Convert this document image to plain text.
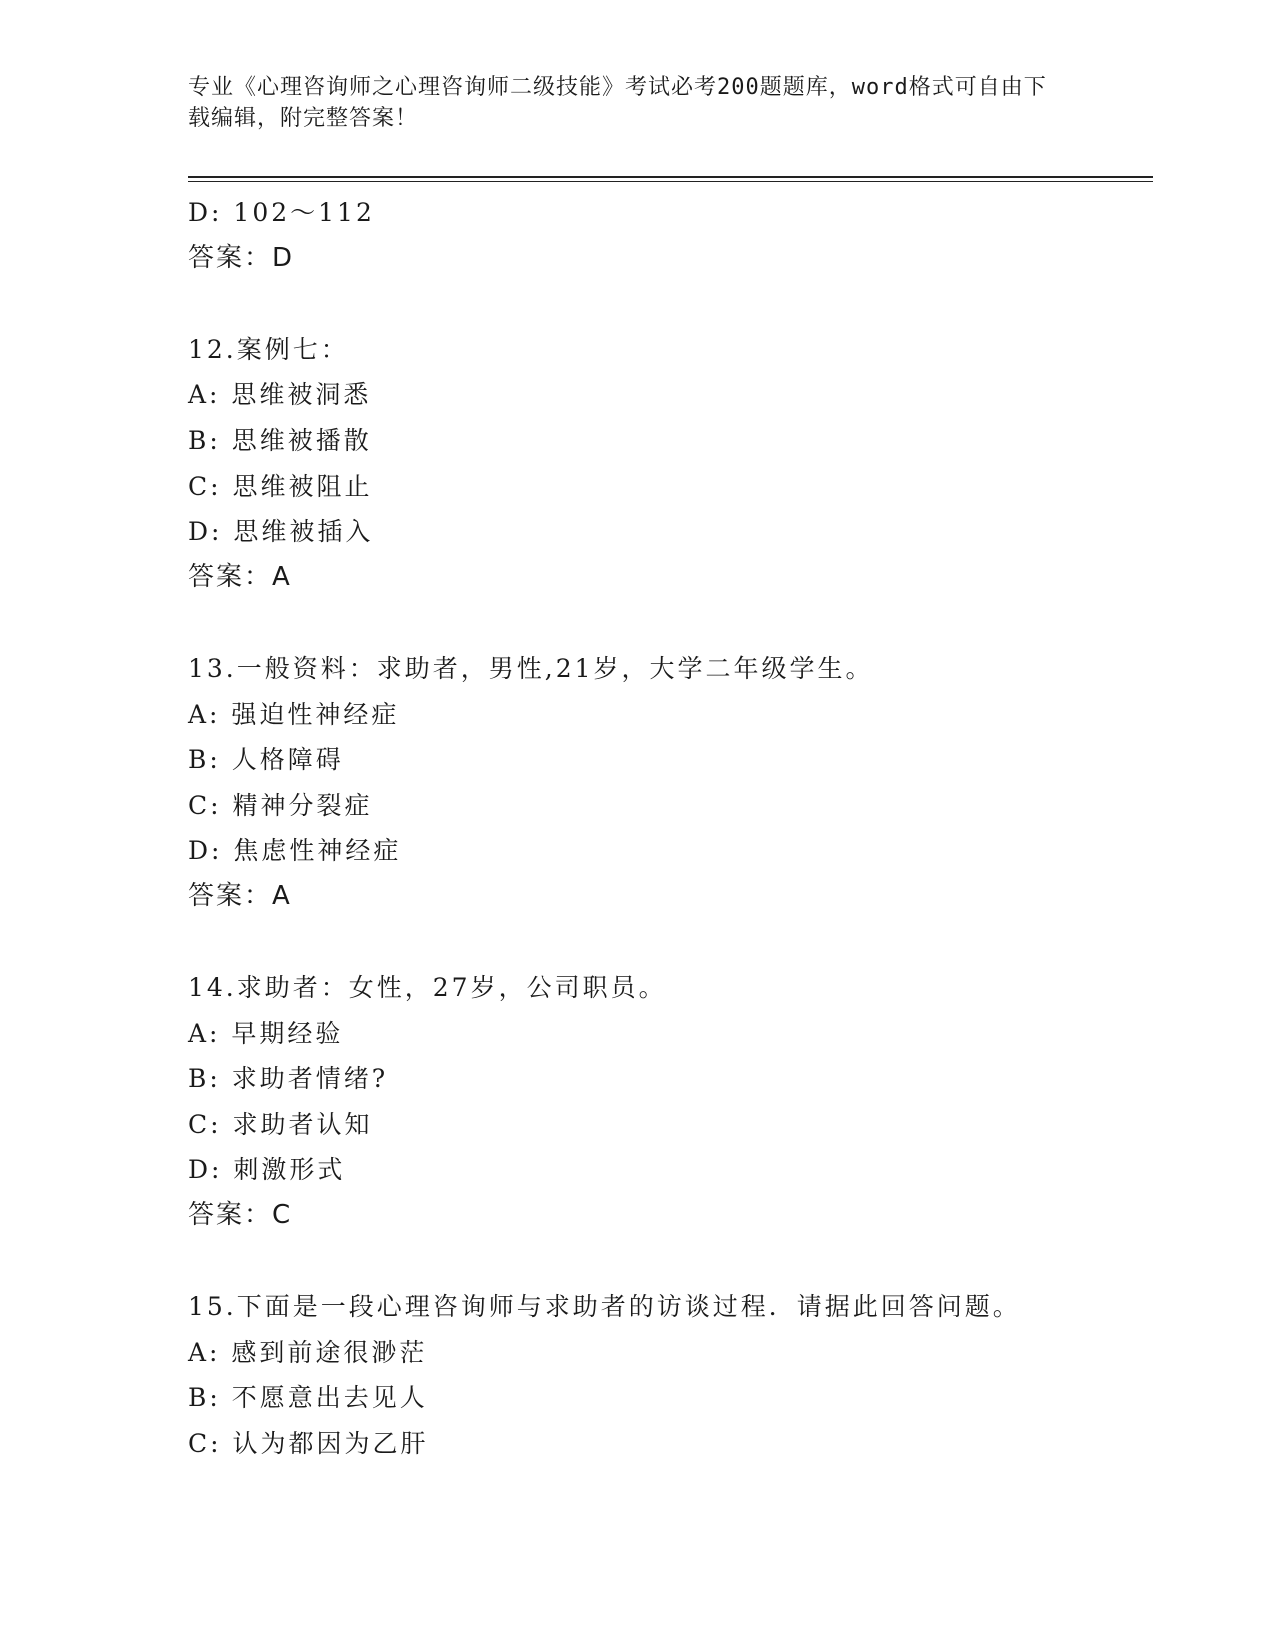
专业《心理咨询师之心理咨询师二级技能》考试必考200题题库，word格式可自由下载编辑，附完整答案！
D: 102～112
答案：D
12.案例七：
A: 思维被洞悉
B: 思维被播散
C: 思维被阻止
D: 思维被插入
答案：A
13.一般资料：求助者，男性,21岁，大学二年级学生。
A: 强迫性神经症
B: 人格障碍
C: 精神分裂症
D: 焦虑性神经症
答案：A
14.求助者：女性，27岁，公司职员。
A: 早期经验
B: 求助者情绪?
C: 求助者认知
D: 刺激形式
答案：C
15.下面是一段心理咨询师与求助者的访谈过程．请据此回答问题。
A: 感到前途很渺茫
B: 不愿意出去见人
C: 认为都因为乙肝
